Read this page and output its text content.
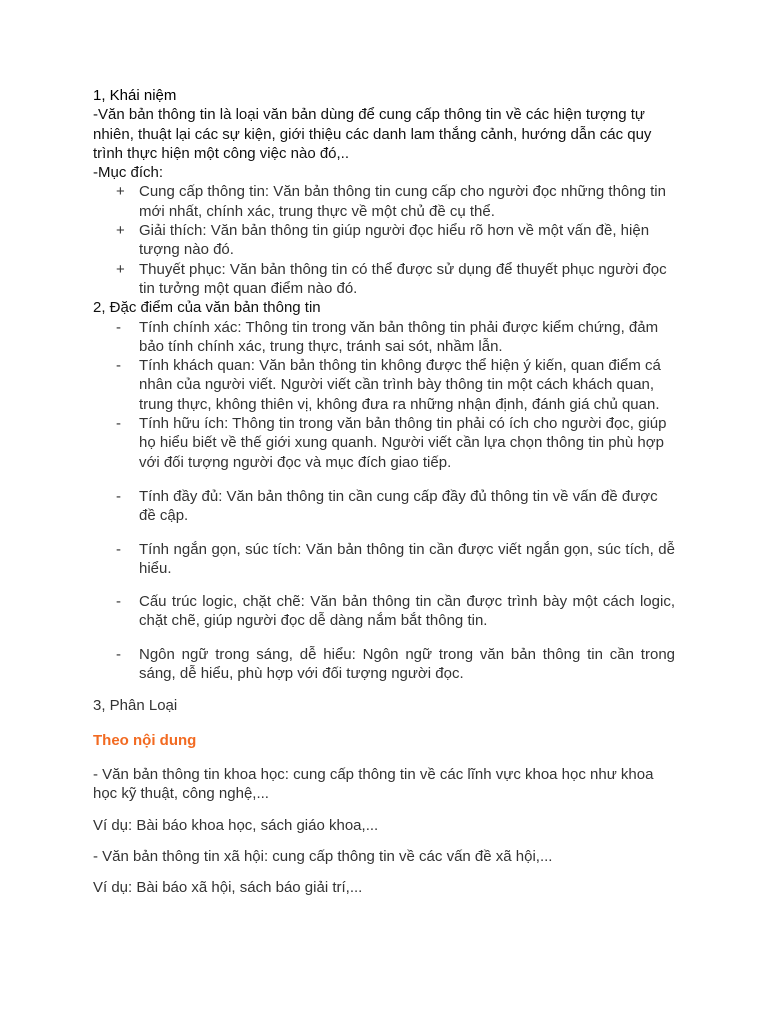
1, Khái niệm

-Văn bản thông tin là loại văn bản dùng để cung cấp thông tin về các hiện tượng tự nhiên, thuật lại các sự kiện, giới thiệu các danh lam thắng cảnh, hướng dẫn các quy trình thực hiện một công việc nào đó,..

-Mục đích:

+ Cung cấp thông tin: Văn bản thông tin cung cấp cho người đọc những thông tin mới nhất, chính xác, trung thực về một chủ đề cụ thể.
+ Giải thích: Văn bản thông tin giúp người đọc hiểu rõ hơn về một vấn đề, hiện tượng nào đó.
+ Thuyết phục: Văn bản thông tin có thể được sử dụng để thuyết phục người đọc tin tưởng một quan điểm nào đó.

2, Đặc điểm của văn bản thông tin

-	Tính chính xác: Thông tin trong văn bản thông tin phải được kiểm chứng, đảm bảo tính chính xác, trung thực, tránh sai sót, nhầm lẫn.
-	Tính khách quan: Văn bản thông tin không được thể hiện ý kiến, quan điểm cá nhân của người viết. Người viết cần trình bày thông tin một cách khách quan, trung thực, không thiên vị, không đưa ra những nhận định, đánh giá chủ quan.
-	Tính hữu ích: Thông tin trong văn bản thông tin phải có ích cho người đọc, giúp họ hiểu biết về thế giới xung quanh. Người viết cần lựa chọn thông tin phù hợp với đối tượng người đọc và mục đích giao tiếp.
-	Tính đầy đủ: Văn bản thông tin cần cung cấp đầy đủ thông tin về vấn đề được đề cập.
-	Tính ngắn gọn, súc tích: Văn bản thông tin cần được viết ngắn gọn, súc tích, dễ hiểu.
-	Cấu trúc logic, chặt chẽ: Văn bản thông tin cần được trình bày một cách logic, chặt chẽ, giúp người đọc dễ dàng nắm bắt thông tin.
-	Ngôn ngữ trong sáng, dễ hiểu: Ngôn ngữ trong văn bản thông tin cần trong sáng, dễ hiểu, phù hợp với đối tượng người đọc.

3, Phân Loại

Theo nội dung

- Văn bản thông tin khoa học: cung cấp thông tin về các lĩnh vực khoa học như khoa học kỹ thuật, công nghệ,...

Ví dụ: Bài báo khoa học, sách giáo khoa,...

- Văn bản thông tin xã hội: cung cấp thông tin về các vấn đề xã hội,...

Ví dụ: Bài báo xã hội, sách báo giải trí,...
